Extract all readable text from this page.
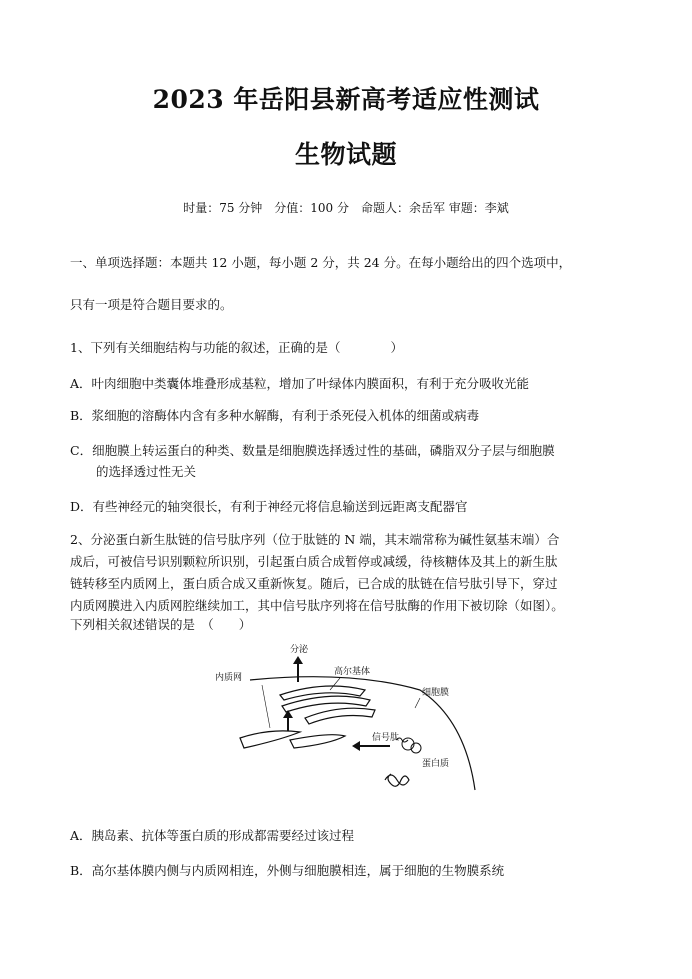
2023 年岳阳县新高考适应性测试
生物试题
时量：75 分钟　分值：100 分　命题人：余岳军 审题：李斌
一、单项选择题：本题共 12 小题，每小题 2 分，共 24 分。在每小题给出的四个选项中，
只有一项是符合题目要求的。
1、下列有关细胞结构与功能的叙述，正确的是（　　　　）
A．叶肉细胞中类囊体堆叠形成基粒，增加了叶绿体内膜面积，有利于充分吸收光能
B．浆细胞的溶酶体内含有多种水解酶，有利于杀死侵入机体的细菌或病毒
C．细胞膜上转运蛋白的种类、数量是细胞膜选择透过性的基础，磷脂双分子层与细胞膜
的选择透过性无关
D．有些神经元的轴突很长，有利于神经元将信息输送到远距离支配器官
2、分泌蛋白新生肽链的信号肽序列（位于肽链的 N 端，其末端常称为碱性氨基末端）合
成后，可被信号识别颗粒所识别，引起蛋白质合成暂停或减缓，待核糖体及其上的新生肽
链转移至内质网上，蛋白质合成又重新恢复。随后，已合成的肽链在信号肽引导下，穿过
内质网膜进入内质网腔继续加工，其中信号肽序列将在信号肽酶的作用下被切除（如图）。
下列相关叙述错误的是　（　　）
分泌
高尔基体
内质网
细胞膜
信号肽
蛋白质
A．胰岛素、抗体等蛋白质的形成都需要经过该过程
B．高尔基体膜内侧与内质网相连，外侧与细胞膜相连，属于细胞的生物膜系统
